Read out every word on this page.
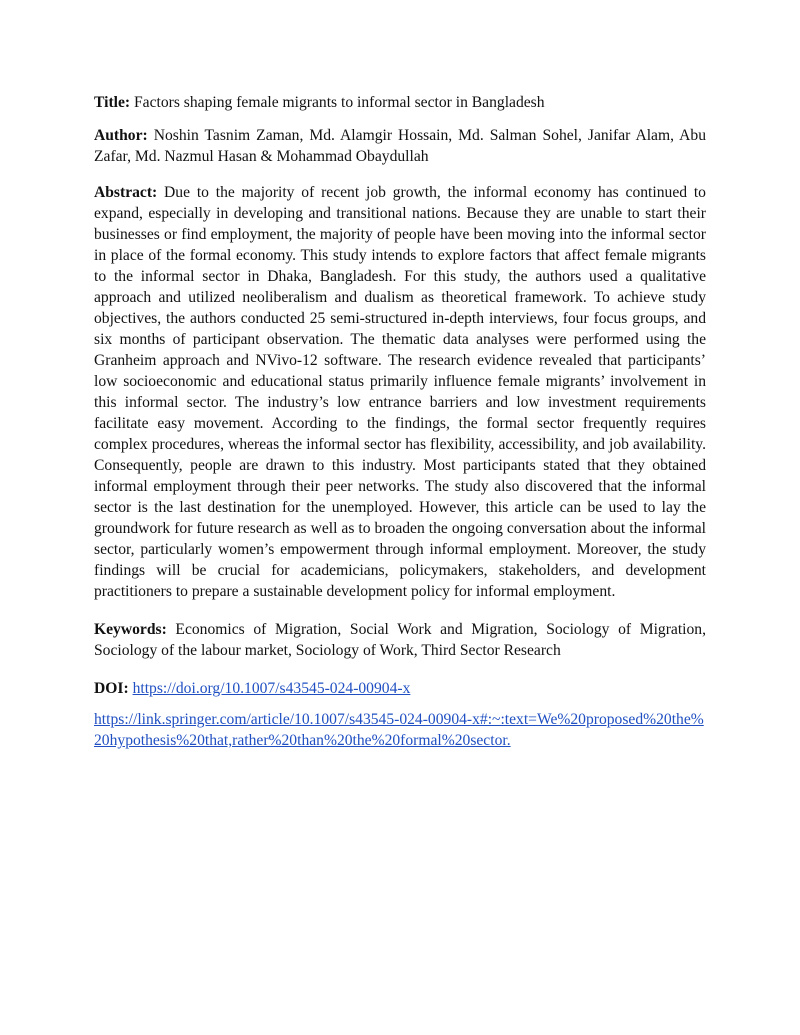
Title: Factors shaping female migrants to informal sector in Bangladesh

Author: Noshin Tasnim Zaman, Md. Alamgir Hossain, Md. Salman Sohel, Janifar Alam, Abu Zafar, Md. Nazmul Hasan & Mohammad Obaydullah

Abstract: Due to the majority of recent job growth, the informal economy has continued to expand, especially in developing and transitional nations. Because they are unable to start their businesses or find employment, the majority of people have been moving into the informal sector in place of the formal economy. This study intends to explore factors that affect female migrants to the informal sector in Dhaka, Bangladesh. For this study, the authors used a qualitative approach and utilized neoliberalism and dualism as theoretical framework. To achieve study objectives, the authors conducted 25 semi-structured in-depth interviews, four focus groups, and six months of participant observation. The thematic data analyses were performed using the Granheim approach and NVivo-12 software. The research evidence revealed that participants’ low socioeconomic and educational status primarily influence female migrants’ involvement in this informal sector. The industry’s low entrance barriers and low investment requirements facilitate easy movement. According to the findings, the formal sector frequently requires complex procedures, whereas the informal sector has flexibility, accessibility, and job availability. Consequently, people are drawn to this industry. Most participants stated that they obtained informal employment through their peer networks. The study also discovered that the informal sector is the last destination for the unemployed. However, this article can be used to lay the groundwork for future research as well as to broaden the ongoing conversation about the informal sector, particularly women’s empowerment through informal employment. Moreover, the study findings will be crucial for academicians, policymakers, stakeholders, and development practitioners to prepare a sustainable development policy for informal employment.

Keywords: Economics of Migration, Social Work and Migration, Sociology of Migration, Sociology of the labour market, Sociology of Work, Third Sector Research

DOI: https://doi.org/10.1007/s43545-024-00904-x

https://link.springer.com/article/10.1007/s43545-024-00904-x#:~:text=We%20proposed%20the%20hypothesis%20that,rather%20than%20the%20formal%20sector.
